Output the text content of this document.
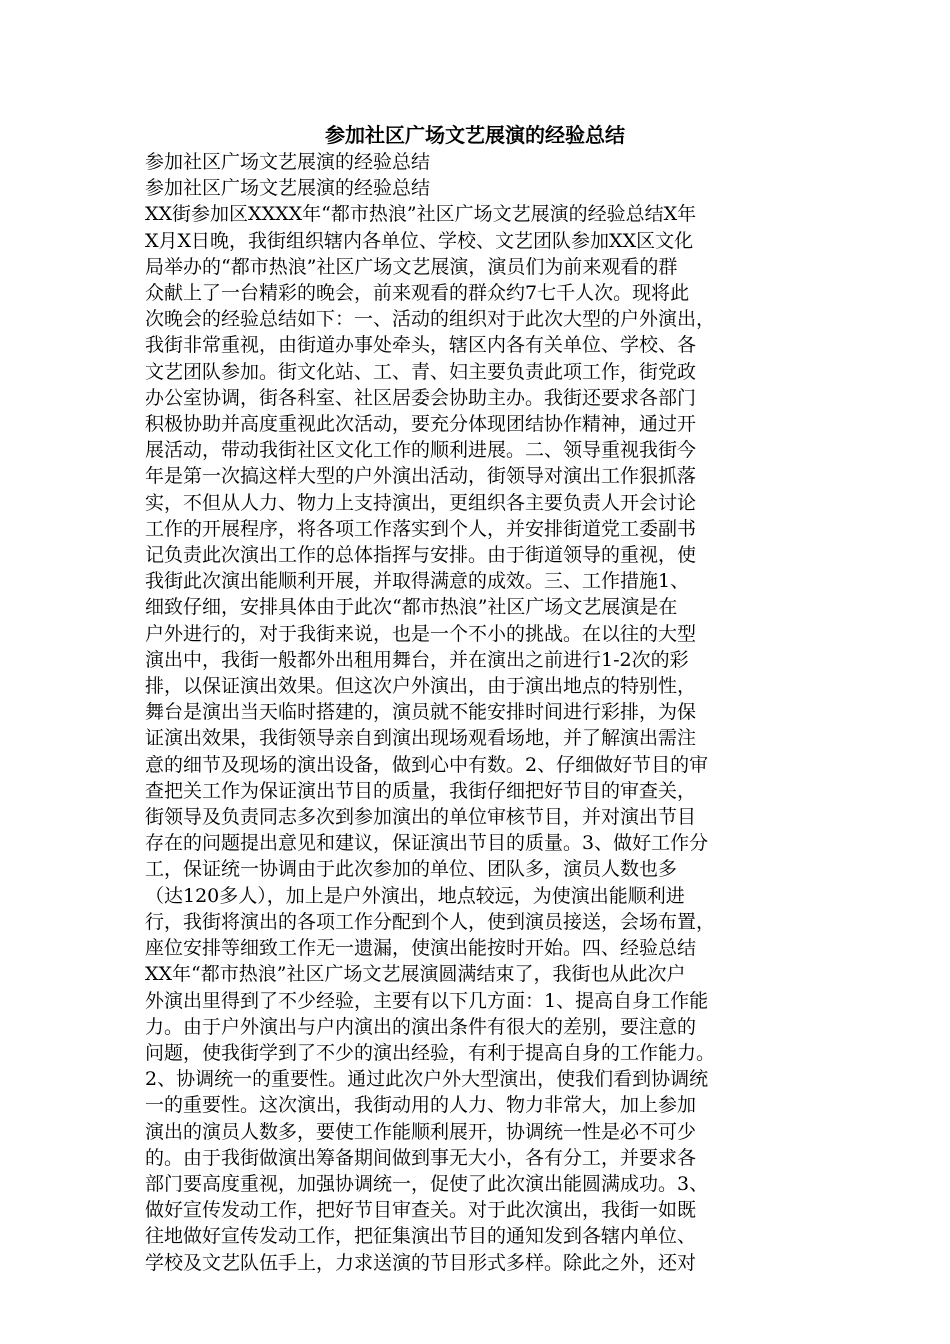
参加社区广场文艺展演的经验总结
参加社区广场文艺展演的经验总结
参加社区广场文艺展演的经验总结

XX街参加区XXXX年“都市热浪”社区广场文艺展演的经验总结X年
X月X日晚，我街组织辖内各单位、学校、文艺团队参加XX区文化
局举办的“都市热浪”社区广场文艺展演，演员们为前来观看的群
众献上了一台精彩的晚会，前来观看的群众约7七千人次。现将此
次晚会的经验总结如下：一、活动的组织对于此次大型的户外演出，
我街非常重视，由街道办事处牵头，辖区内各有关单位、学校、各
文艺团队参加。街文化站、工、青、妇主要负责此项工作，街党政
办公室协调，街各科室、社区居委会协助主办。我街还要求各部门
积极协助并高度重视此次活动，要充分体现团结协作精神，通过开
展活动，带动我街社区文化工作的顺利进展。二、领导重视我街今
年是第一次搞这样大型的户外演出活动，街领导对演出工作狠抓落
实，不但从人力、物力上支持演出，更组织各主要负责人开会讨论
工作的开展程序，将各项工作落实到个人，并安排街道党工委副书
记负责此次演出工作的总体指挥与安排。由于街道领导的重视，使
我街此次演出能顺利开展，并取得满意的成效。三、工作措施1、
细致仔细，安排具体由于此次“都市热浪”社区广场文艺展演是在
户外进行的，对于我街来说，也是一个不小的挑战。在以往的大型
演出中，我街一般都外出租用舞台，并在演出之前进行1-2次的彩
排，以保证演出效果。但这次户外演出，由于演出地点的特别性，
舞台是演出当天临时搭建的，演员就不能安排时间进行彩排，为保
证演出效果，我街领导亲自到演出现场观看场地，并了解演出需注
意的细节及现场的演出设备，做到心中有数。2、仔细做好节目的审
查把关工作为保证演出节目的质量，我街仔细把好节目的审查关，
街领导及负责同志多次到参加演出的单位审核节目，并对演出节目
存在的问题提出意见和建议，保证演出节目的质量。3、做好工作分
工，保证统一协调由于此次参加的单位、团队多，演员人数也多
（达120多人），加上是户外演出，地点较远，为使演出能顺利进
行，我街将演出的各项工作分配到个人，使到演员接送，会场布置，
座位安排等细致工作无一遗漏，使演出能按时开始。四、经验总结
XX年“都市热浪”社区广场文艺展演圆满结束了，我街也从此次户
外演出里得到了不少经验，主要有以下几方面：1、提高自身工作能
力。由于户外演出与户内演出的演出条件有很大的差别，要注意的
问题，使我街学到了不少的演出经验，有利于提高自身的工作能力。
2、协调统一的重要性。通过此次户外大型演出，使我们看到协调统
一的重要性。这次演出，我街动用的人力、物力非常大，加上参加
演出的演员人数多，要使工作能顺利展开，协调统一性是必不可少
的。由于我街做演出筹备期间做到事无大小，各有分工，并要求各
部门要高度重视，加强协调统一，促使了此次演出能圆满成功。3、
做好宣传发动工作，把好节目审查关。对于此次演出，我街一如既
往地做好宣传发动工作，把征集演出节目的通知发到各辖内单位、
学校及文艺队伍手上，力求送演的节目形式多样。除此之外，还对
